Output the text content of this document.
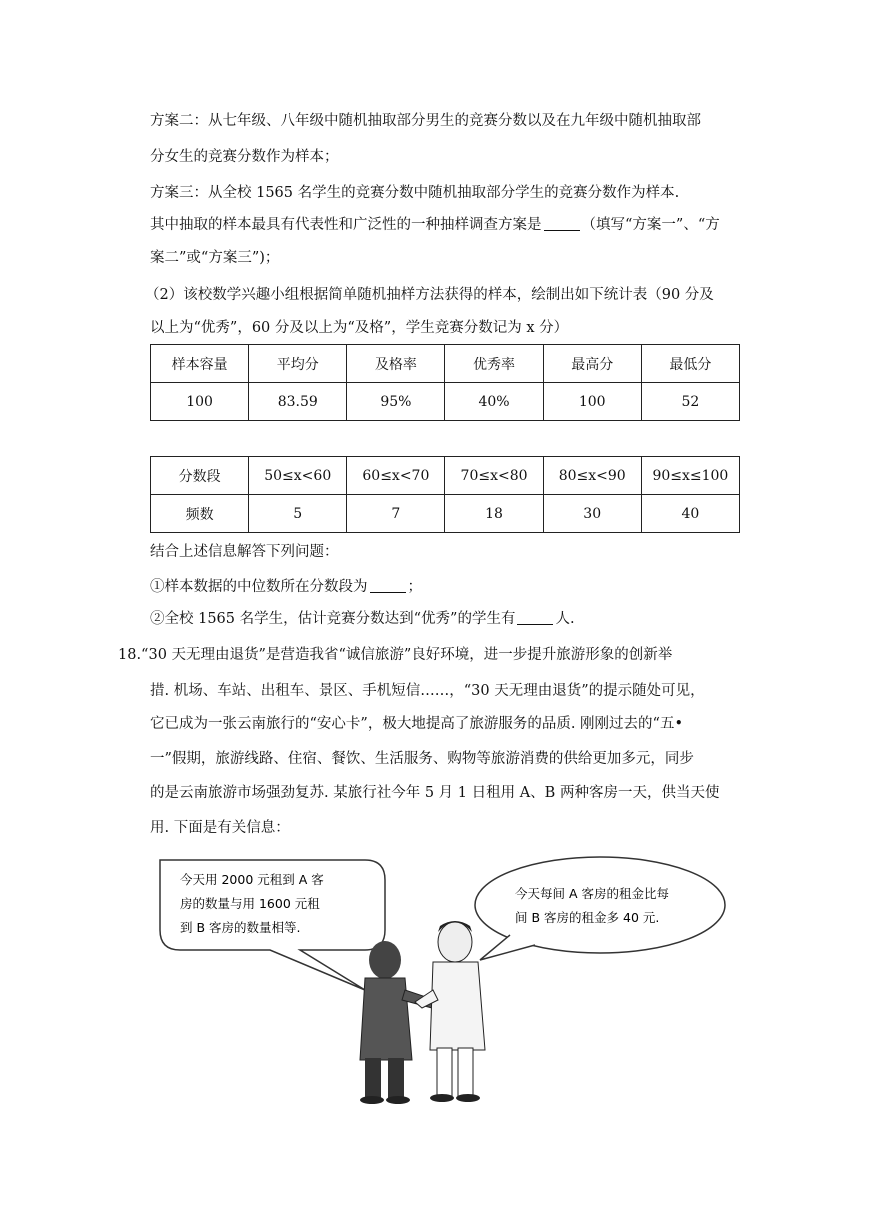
方案二：从七年级、八年级中随机抽取部分男生的竞赛分数以及在九年级中随机抽取部
分女生的竞赛分数作为样本；
方案三：从全校 1565 名学生的竞赛分数中随机抽取部分学生的竞赛分数作为样本.
其中抽取的样本最具有代表性和广泛性的一种抽样调查方案是	（填写“方案一”、“方
案二”或“方案三”)；
（2）该校数学兴趣小组根据简单随机抽样方法获得的样本，绘制出如下统计表（90 分及
以上为“优秀”，60 分及以上为“及格”，学生竞赛分数记为 x 分）
样本容量	平均分	及格率	优秀率	最高分	最低分
100	83.59	95%	40%	100	52
分数段	50≤x<60	60≤x<70	70≤x<80	80≤x<90	90≤x≤100
频数	5	7	18	30	40
结合上述信息解答下列问题：
①样本数据的中位数所在分数段为	；
②全校 1565 名学生，估计竞赛分数达到“优秀”的学生有	人.
18.“30 天无理由退货”是营造我省“诚信旅游”良好环境，进一步提升旅游形象的创新举
措. 机场、车站、出租车、景区、手机短信……，“30 天无理由退货”的提示随处可见，
它已成为一张云南旅行的“安心卡”，极大地提高了旅游服务的品质. 刚刚过去的“五•
一”假期，旅游线路、住宿、餐饮、生活服务、购物等旅游消费的供给更加多元，同步
的是云南旅游市场强劲复苏. 某旅行社今年 5 月 1 日租用 A、B 两种客房一天，供当天使
用. 下面是有关信息：
今天用 2000 元租到 A 客
房的数量与用 1600 元租
到 B 客房的数量相等.
今天每间 A 客房的租金比每
间 B 客房的租金多 40 元.
